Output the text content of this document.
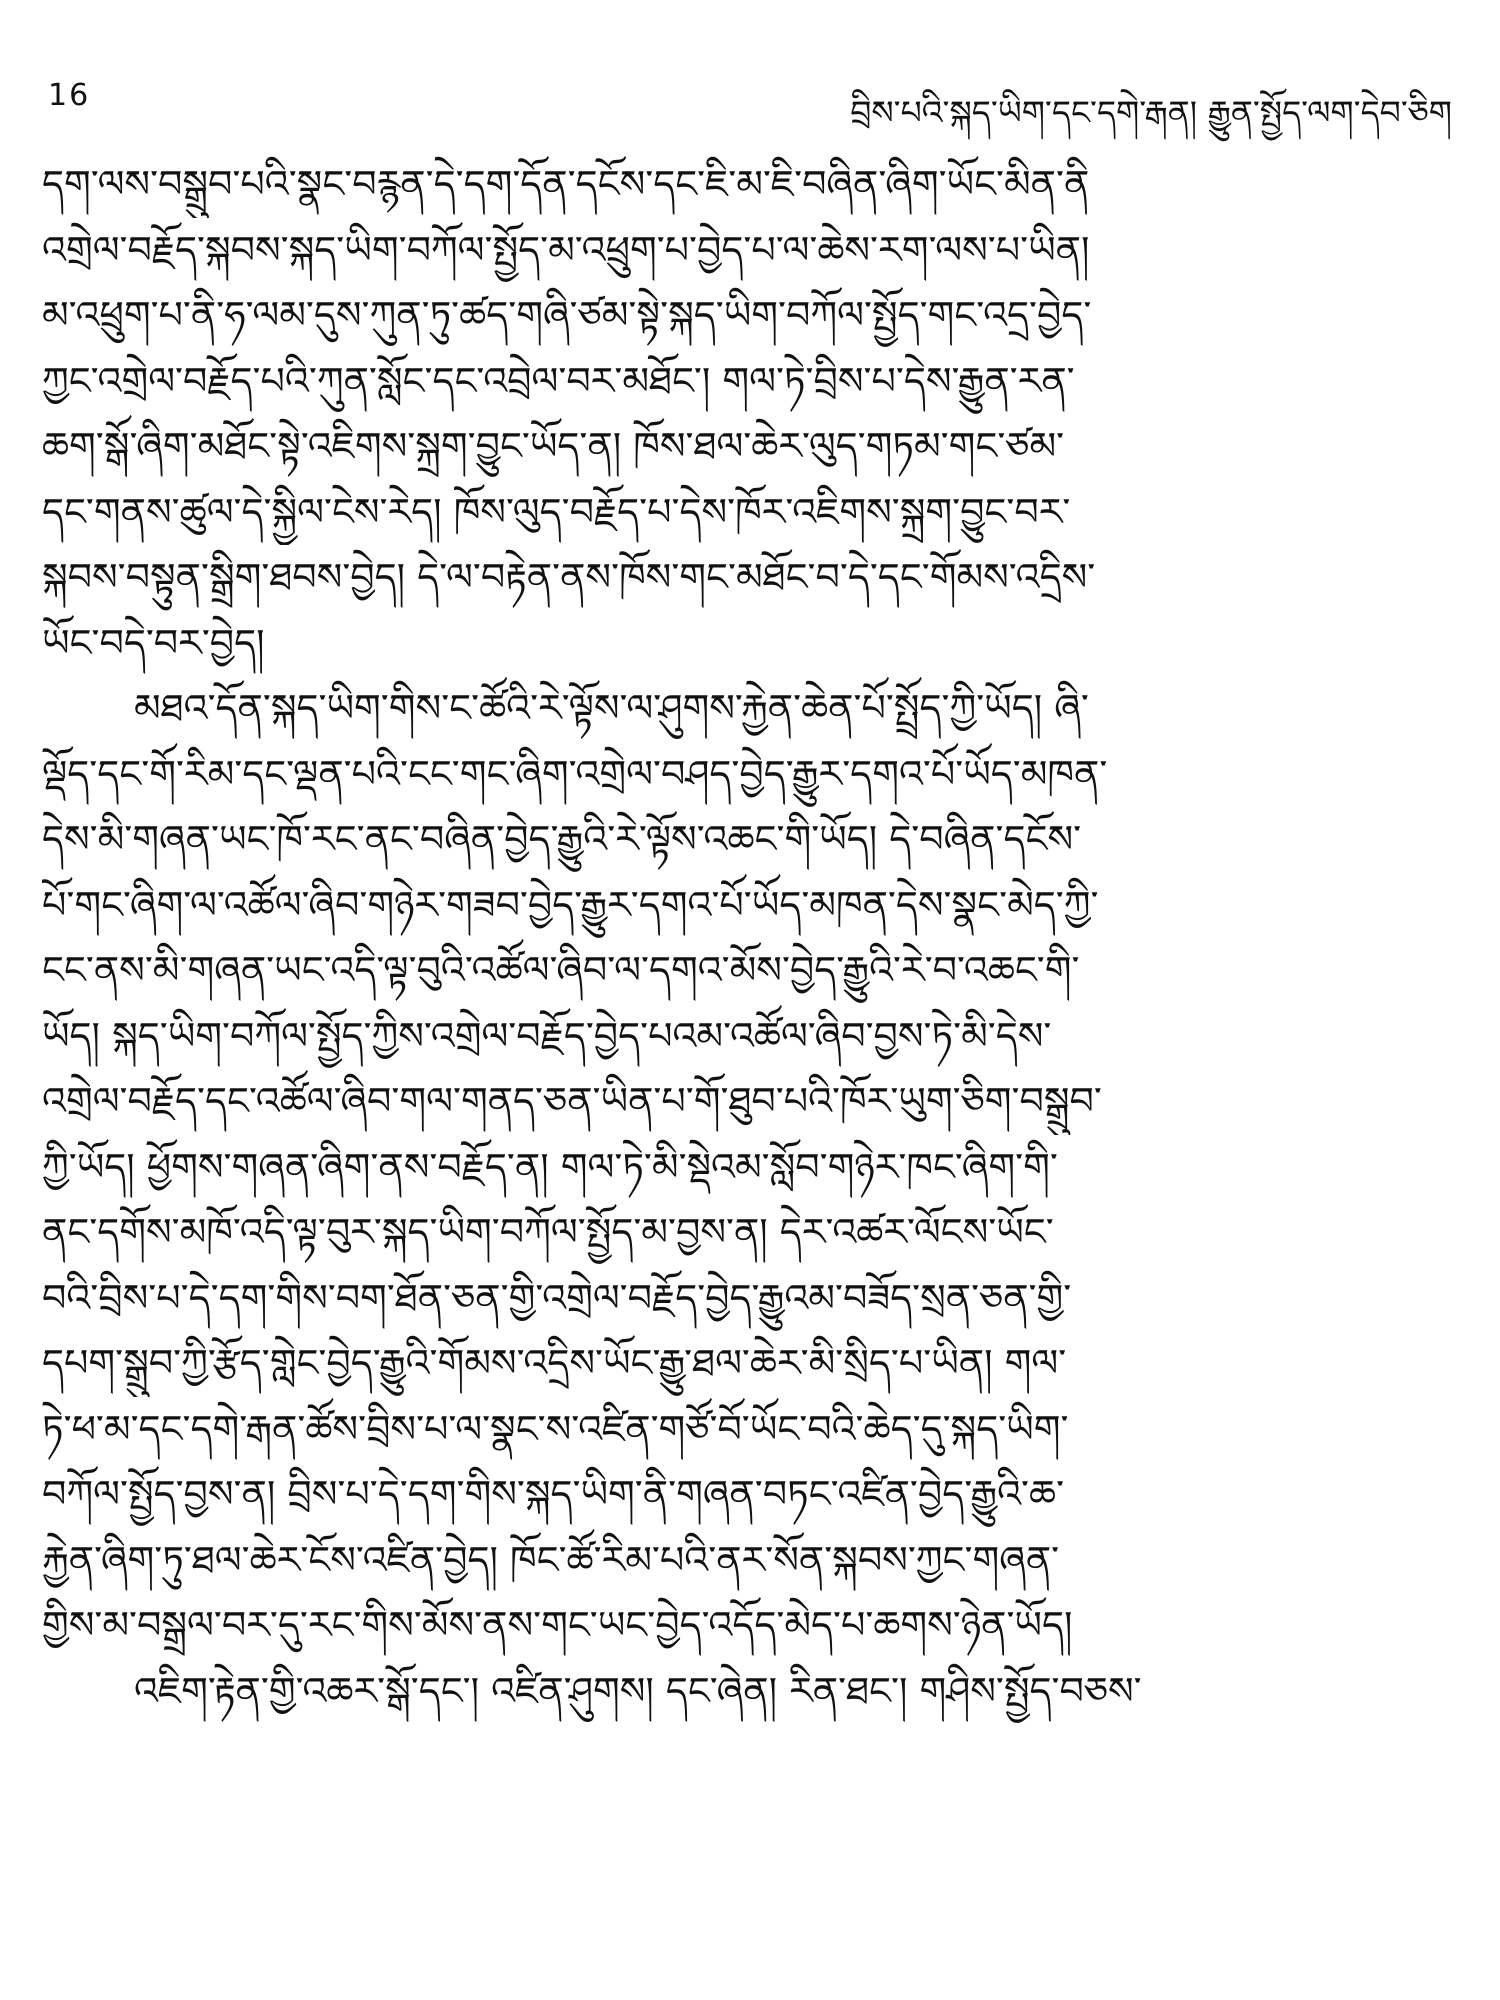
16	བྲིས་པའི་སྐད་ཡིག་དང་དགེ་རྒན། རྒྱུན་སྤྱོད་ལག་དེབ་ཅིག
དག་ལས་བསྒྲུབ་པའི་སྣང་བརྙན་དེ་དག་དོན་དངོས་དང་ཇི་མ་ཇི་བཞིན་ཞིག་ཡོང་མིན་ནི
འགྲེལ་བརྗོད་སྐབས་སྐད་ཡིག་བཀོལ་སྤྱོད་མ་འཕྲུག་པ་བྱེད་པ་ལ་ཆེས་རག་ལས་པ་ཡིན།
མ་འཕྲུག་པ་ནི་ཧ་ལམ་དུས་ཀུན་ཏུ་ཚད་གཞི་ཙམ་སྟེ་སྐད་ཡིག་བཀོལ་སྤྱོད་གང་འདྲ་བྱེད་
ཀྱང་འགྲེལ་བརྗོད་པའི་ཀུན་སློང་དང་འབྲེལ་བར་མཐོང་། གལ་ཏེ་བྲིས་པ་དེས་རྒྱུན་རན་
ཆག་སྒོ་ཞིག་མཐོང་སྟེ་འཇིགས་སྐྲག་བྱུང་ཡོད་ན། ཁོས་ཐལ་ཆེར་ལུད་གཏམ་གང་ཙམ་
དང་གནས་ཚུལ་དེ་སྐྱིལ་ངེས་རེད། ཁོས་ལུད་བརྗོད་པ་དེས་ཁོར་འཇིགས་སྐྲག་བྱུང་བར་
སྐབས་བསྟུན་སྒྲིག་ཐབས་བྱེད། དེ་ལ་བརྟེན་ནས་ཁོས་གང་མཐོང་བ་དེ་དང་གོམས་འདྲིས་
ཡོང་བདེ་བར་བྱེད།
མཐའ་དོན་སྐད་ཡིག་གིས་ང་ཚོའི་རེ་ལྟོས་ལ་ཤུགས་རྐྱེན་ཆེན་པོ་སྤྲོད་ཀྱི་ཡོད། ཞི་
ལྡོད་དང་གོ་རིམ་དང་ལྡན་པའི་ངང་གང་ཞིག་འགྲེལ་བཤད་བྱེད་རྒྱུར་དགའ་པོ་ཡོད་མཁན་
དེས་མི་གཞན་ཡང་ཁོ་རང་ནང་བཞིན་བྱེད་རྒྱུའི་རེ་ལྟོས་འཆང་གི་ཡོད། དེ་བཞིན་དངོས་
པོ་གང་ཞིག་ལ་འཚོལ་ཞིབ་གཉེར་གཟབ་བྱེད་རྒྱུར་དགའ་པོ་ཡོད་མཁན་དེས་སྣང་མེད་ཀྱི་
ངང་ནས་མི་གཞན་ཡང་འདི་ལྟ་བུའི་འཚོལ་ཞིབ་ལ་དགའ་མོས་བྱེད་རྒྱུའི་རེ་བ་འཆང་གི་
ཡོད། སྐད་ཡིག་བཀོལ་སྤྱོད་ཀྱིས་འགྲེལ་བརྗོད་བྱེད་པའམ་འཚོལ་ཞིབ་བྱས་ཏེ་མི་དེས་
འགྲེལ་བརྗོད་དང་འཚོལ་ཞིབ་གལ་གནད་ཅན་ཡིན་པ་གོ་ཐུབ་པའི་ཁོར་ཡུག་ཅིག་བསྒྲུབ་
ཀྱི་ཡོད། ཕྱོགས་གཞན་ཞིག་ནས་བརྗོད་ན། གལ་ཏེ་མི་སྡེའམ་སློབ་གཉེར་ཁང་ཞིག་གི་
ནང་དགོས་མཁོ་འདི་ལྟ་བུར་སྐད་ཡིག་བཀོལ་སྤྱོད་མ་བྱས་ན། དེར་འཚར་ལོངས་ཡོང་
བའི་བྲིས་པ་དེ་དག་གིས་བག་ཐོན་ཅན་གྱི་འགྲེལ་བརྗོད་བྱེད་རྒྱུའམ་བཟོད་སྲན་ཅན་གྱི་
དཔག་སྒྲུབ་ཀྱི་རྩོད་གླེང་བྱེད་རྒྱུའི་གོམས་འདྲིས་ཡོང་རྒྱུ་ཐལ་ཆེར་མི་སྲིད་པ་ཡིན། གལ་
ཏེ་ཕ་མ་དང་དགེ་རྒན་ཚོས་བྲིས་པ་ལ་སྣང་ས་འཛིན་གཙོ་བོ་ཡོང་བའི་ཆེད་དུ་སྐད་ཡིག་
བཀོལ་སྤྱོད་བྱས་ན། བྲིས་པ་དེ་དག་གིས་སྐད་ཡིག་ནི་གཞན་བཏང་འཛིན་བྱེད་རྒྱུའི་ཆ་
རྐྱེན་ཞིག་ཏུ་ཐལ་ཆེར་ངོས་འཛིན་བྱེད། ཁོང་ཚོ་རིམ་པའི་ནར་སོན་སྐབས་ཀྱང་གཞན་
གྱིས་མ་བསྒྲལ་བར་དུ་རང་གིས་མོས་ནས་གང་ཡང་བྱེད་འདོད་མེད་པ་ཆགས་ཉེན་ཡོད།
འཇིག་རྟེན་གྱི་འཆར་སྒོ་དང་། འཛིན་ཤུགས། དང་ཞེན། རིན་ཐང་། གཤིས་སྤྱོད་བཅས་
